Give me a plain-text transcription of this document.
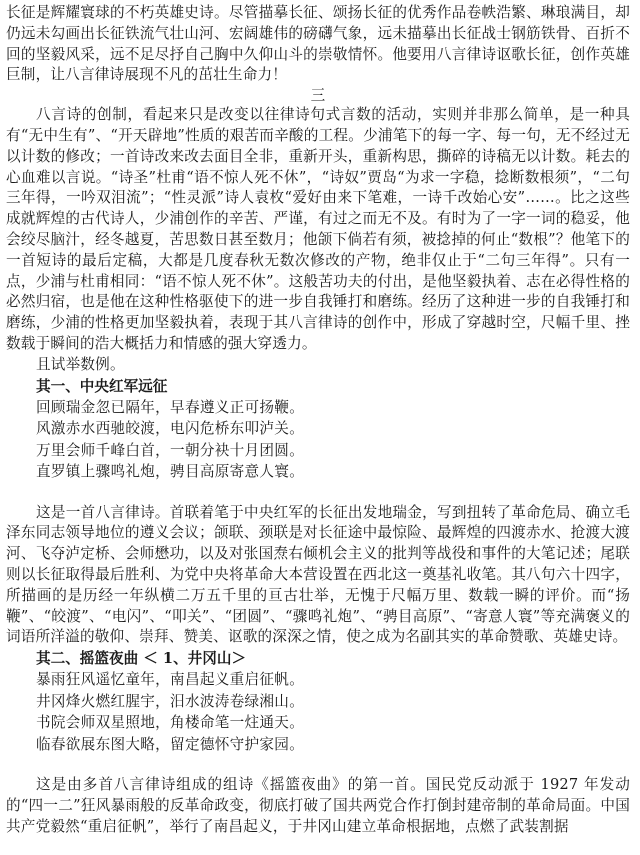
长征是辉耀寰球的不朽英雄史诗。尽管描摹长征、颂扬长征的优秀作品卷帙浩繁、琳琅满目，却仍远未勾画出长征铁流气壮山河、宏阔雄伟的磅礴气象，远未描摹出长征战士钢筋铁骨、百折不回的坚毅风采，远不足尽抒自己胸中久仰山斗的崇敬情怀。他要用八言律诗讴歌长征，创作英雄巨制，让八言律诗展现不凡的茁壮生命力！

三

八言诗的创制，看起来只是改变以往律诗句式言数的活动，实则并非那么简单，是一种具有“无中生有”、“开天辟地”性质的艰苦而辛酸的工程。少浦笔下的每一字、每一句，无不经过无以计数的修改；一首诗改来改去面目全非，重新开头，重新构思，撕碎的诗稿无以计数。耗去的心血难以言说。“诗圣”杜甫“语不惊人死不休”，“诗奴”贾岛“为求一字稳，捻断数根须”，“二句三年得，一吟双泪流”；“性灵派”诗人袁枚“爱好由来下笔难，一诗千改始心安”……。比之这些成就辉煌的古代诗人，少浦创作的辛苦、严谨，有过之而无不及。有时为了一字一词的稳妥，他会绞尽脑汁，经冬越夏，苦思数日甚至数月；他颌下倘若有须，被捻掉的何止“数根”？他笔下的一首短诗的最后定稿，大都是几度春秋无数次修改的产物，绝非仅止于“二句三年得”。只有一点，少浦与杜甫相同：“语不惊人死不休”。这般苦功夫的付出，是他坚毅执着、志在必得性格的必然归宿，也是他在这种性格驱使下的进一步自我锤打和磨练。经历了这种进一步的自我锤打和磨练，少浦的性格更加坚毅执着，表现于其八言律诗的创作中，形成了穿越时空，尺幅千里、挫数载于瞬间的浩大概括力和情感的强大穿透力。

且试举数例。

其一、中央红军远征
回顾瑞金忽已隔年，早春遵义正可扬鞭。
风激赤水西驰皎渡，电闪危桥东叩泸关。
万里会师千峰白首，一朝分袂十月团圆。
直罗镇上骤鸣礼炮，骋目高原寄意人寰。

这是一首八言律诗。首联着笔于中央红军的长征出发地瑞金，写到扭转了革命危局、确立毛泽东同志领导地位的遵义会议；颌联、颈联是对长征途中最惊险、最辉煌的四渡赤水、抢渡大渡河、飞夺泸定桥、会师懋功，以及对张国焘右倾机会主义的批判等战役和事件的大笔记述；尾联则以长征取得最后胜利、为党中央将革命大本营设置在西北这一奠基礼收笔。其八句六十四字，所描画的是历经一年纵横二万五千里的亘古壮举，无愧于尺幅万里、数载一瞬的评价。而“扬鞭”、“皎渡”、“电闪”、“叩关”、“团圆”、“骤鸣礼炮”、“骋目高原”、“寄意人寰”等充满褒义的词语所洋溢的敬仰、崇拜、赞美、讴歌的深深之情，使之成为名副其实的革命赞歌、英雄史诗。

其二、摇篮夜曲 ＜ 1、井冈山＞
暴雨狂风遥忆童年，南昌起义重启征帆。
井冈烽火燃红腥宇，汨水波涛卷绿湘山。
书院会师双星照地，角楼命笔一炷通天。
临春欲展东图大略，留定德怀守护家园。

这是由多首八言律诗组成的组诗《摇篮夜曲》的第一首。国民党反动派于 1927 年发动的“四一二”狂风暴雨般的反革命政变，彻底打破了国共两党合作打倒封建帝制的革命局面。中国共产党毅然“重启征帆”，举行了南昌起义，于井冈山建立革命根据地，点燃了武装割据
